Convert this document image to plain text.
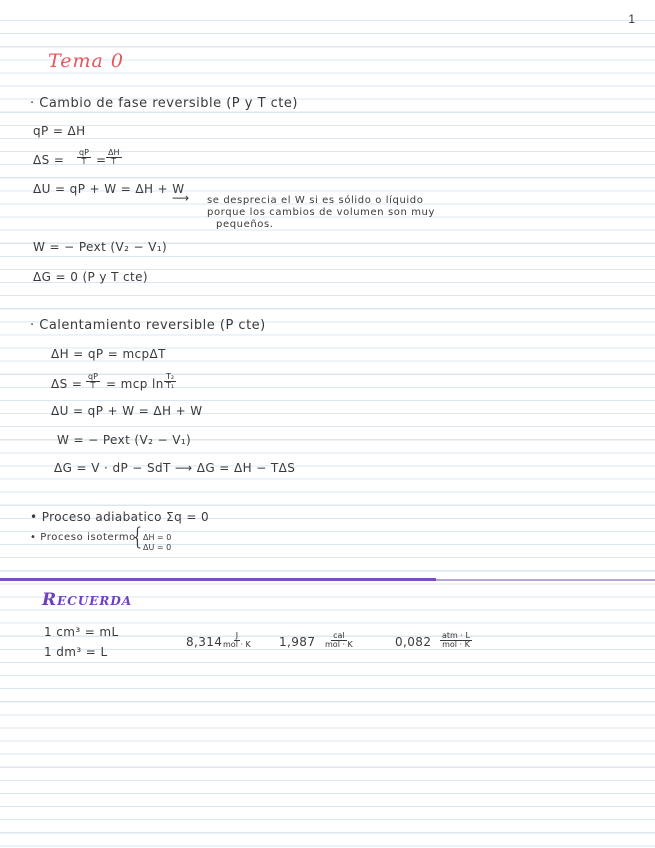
1
Tema 0
· Cambio de fase reversible (P y T cte)
qP = ΔH
$\Delta S = \frac{qP}{T} = \frac{\Delta H}{T}$
ΔU = qP + W = ΔH + W
⟶ se desprecia el W si es sólido o líquido
porque los cambios de volumen son muy
pequeños.
W = − Pext (V₂ − V₁)
ΔG = 0 (P y T cte)
· Calentamiento reversible (P cte)
ΔH = qP = mcpΔT
$\Delta S = \frac{qP}{T}$ = mcp $\ln \frac{\text{T₂}}{\text{T₁}}$
ΔU = qP + W = ΔH + W
W = − Pext (V₂ − V₁)
ΔG = V · dP − SdT ⟶ ΔG = ΔH − TΔS
• Proceso adiabatico Σq = 0
• Proceso isotermo
{
ΔH = 0
ΔU = 0
Recuerda
1 cm³ = mL
1 dm³ = L
8,314 J
mol · K 1,987 cal
mol · K	0,082 atm · L
mol · K
